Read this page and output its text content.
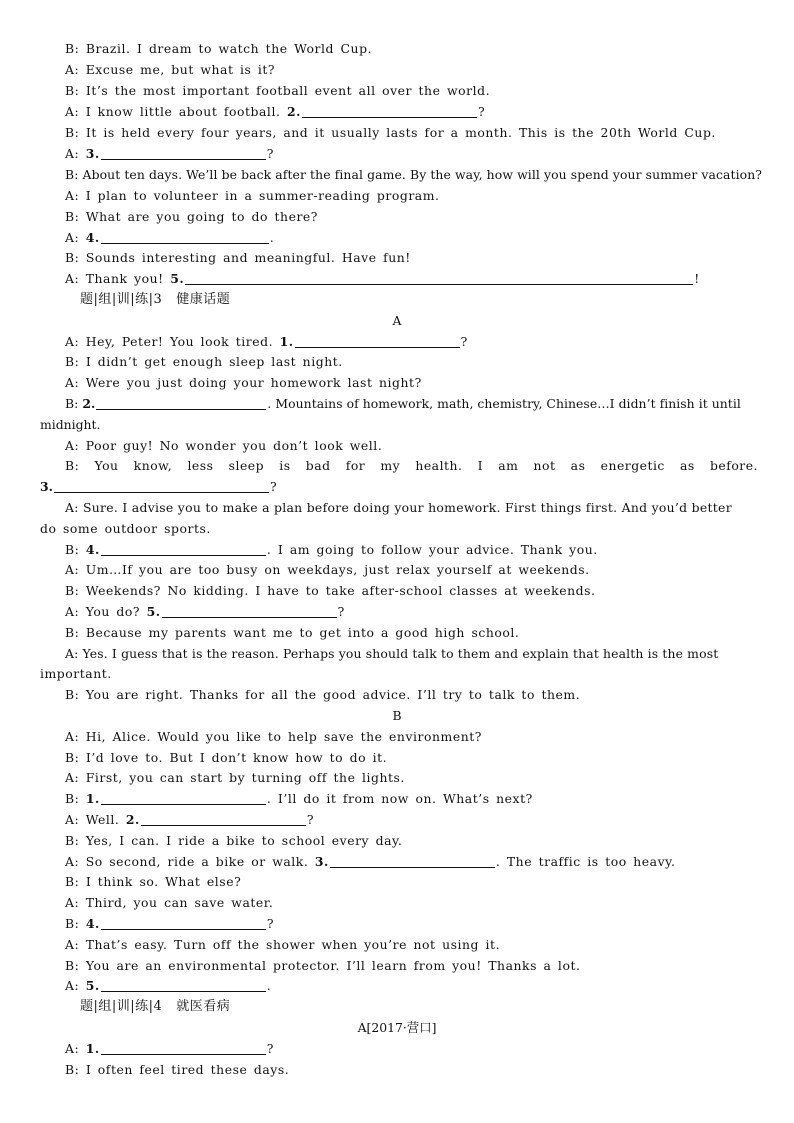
B: Brazil. I dream to watch the World Cup.
A: Excuse me, but what is it?
B: It’s the most important football event all over the world.
A: I know little about football. 2.	?
B: It is held every four years, and it usually lasts for a month. This is the 20th World Cup.
A: 3.	?
B: About ten days. We’ll be back after the final game. By the way, how will you spend your summer vacation?
A: I plan to volunteer in a summer-reading program.
B: What are you going to do there?
A: 4.	.
B: Sounds interesting and meaningful. Have fun!
A: Thank you! 5.	!
题|组|训|练|3 健康话题
A
A: Hey, Peter! You look tired. 1.	?
B: I didn’t get enough sleep last night.
A: Were you just doing your homework last night?
B: 2.	. Mountains of homework, math, chemistry, Chinese…I didn’t finish it until
midnight.
A: Poor guy! No wonder you don’t look well.
B: You know, less sleep is bad for my health. I am not as energetic as before.
3.	?
A: Sure. I advise you to make a plan before doing your homework. First things first. And you’d better
do some outdoor sports.
B: 4.	. I am going to follow your advice. Thank you.
A: Um…If you are too busy on weekdays, just relax yourself at weekends.
B: Weekends? No kidding. I have to take after-school classes at weekends.
A: You do? 5.	?
B: Because my parents want me to get into a good high school.
A: Yes. I guess that is the reason. Perhaps you should talk to them and explain that health is the most
important.
B: You are right. Thanks for all the good advice. I’ll try to talk to them.
B
A: Hi, Alice. Would you like to help save the environment?
B: I’d love to. But I don’t know how to do it.
A: First, you can start by turning off the lights.
B: 1.	. I’ll do it from now on. What’s next?
A: Well. 2.	?
B: Yes, I can. I ride a bike to school every day.
A: So second, ride a bike or walk. 3.	. The traffic is too heavy.
B: I think so. What else?
A: Third, you can save water.
B: 4.	?
A: That’s easy. Turn off the shower when you’re not using it.
B: You are an environmental protector. I’ll learn from you! Thanks a lot.
A: 5.	.
题|组|训|练|4 就医看病
A[2017·营口]
A: 1.	?
B: I often feel tired these days.
